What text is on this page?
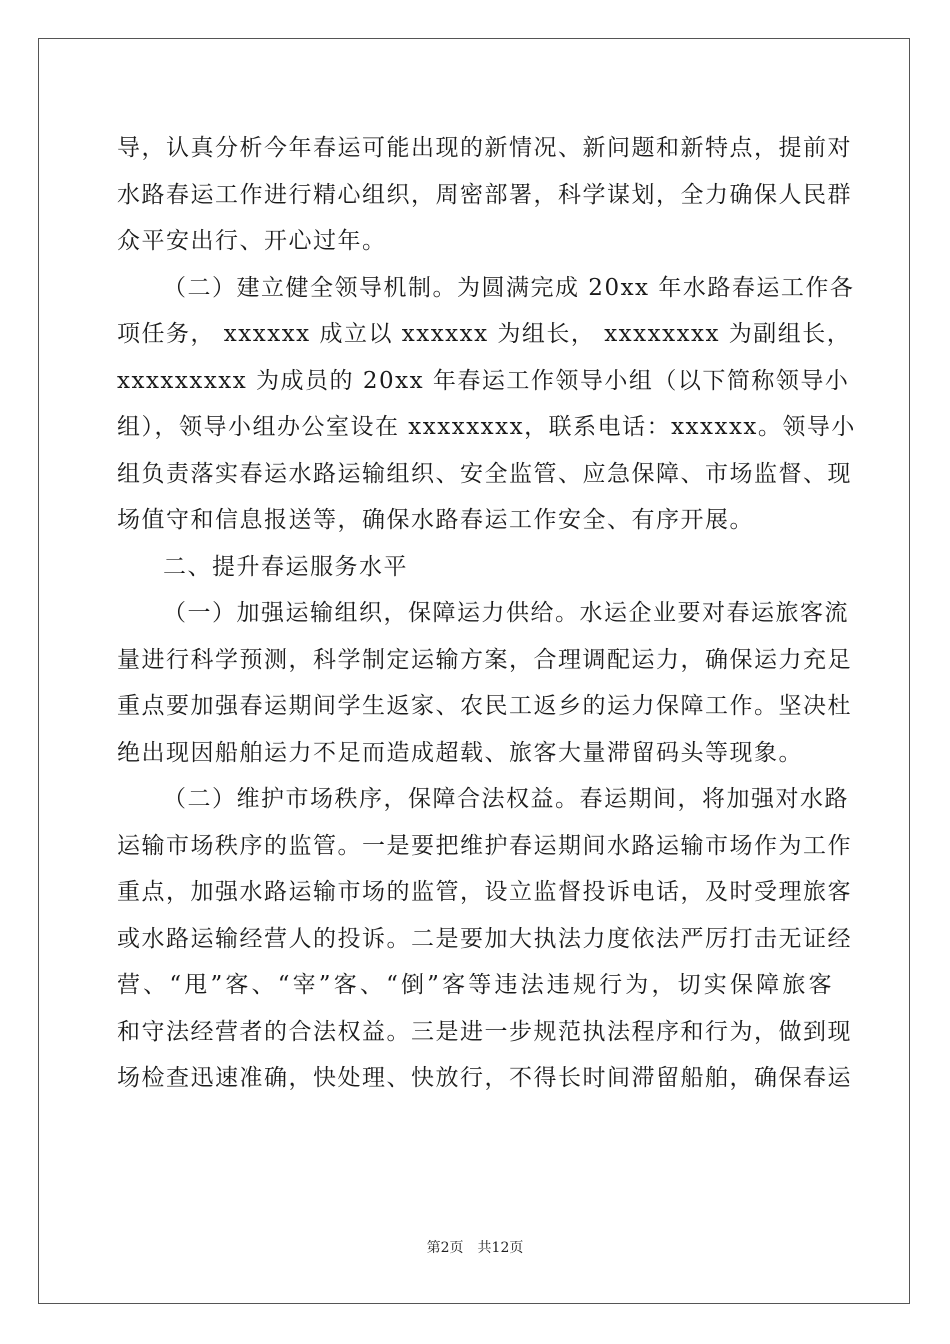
导，认真分析今年春运可能出现的新情况、新问题和新特点，提前对
水路春运工作进行精心组织，周密部署，科学谋划，全力确保人民群
众平安出行、开心过年。

（二）建立健全领导机制。为圆满完成 20xx 年水路春运工作各
项任务， xxxxxx 成立以 xxxxxx 为组长， xxxxxxxx 为副组长，
xxxxxxxxx 为成员的 20xx 年春运工作领导小组（以下简称领导小
组），领导小组办公室设在 xxxxxxxx，联系电话：xxxxxx。领导小
组负责落实春运水路运输组织、安全监管、应急保障、市场监督、现
场值守和信息报送等，确保水路春运工作安全、有序开展。

二、提升春运服务水平

（一）加强运输组织，保障运力供给。水运企业要对春运旅客流
量进行科学预测，科学制定运输方案，合理调配运力，确保运力充足
重点要加强春运期间学生返家、农民工返乡的运力保障工作。坚决杜
绝出现因船舶运力不足而造成超载、旅客大量滞留码头等现象。

（二）维护市场秩序，保障合法权益。春运期间，将加强对水路
运输市场秩序的监管。一是要把维护春运期间水路运输市场作为工作
重点，加强水路运输市场的监管，设立监督投诉电话，及时受理旅客
或水路运输经营人的投诉。二是要加大执法力度依法严厉打击无证经
营、“甩”客、“宰”客、“倒”客等违法违规行为，切实保障旅客
和守法经营者的合法权益。三是进一步规范执法程序和行为，做到现
场检查迅速准确，快处理、快放行，不得长时间滞留船舶，确保春运

第2页 共12页
